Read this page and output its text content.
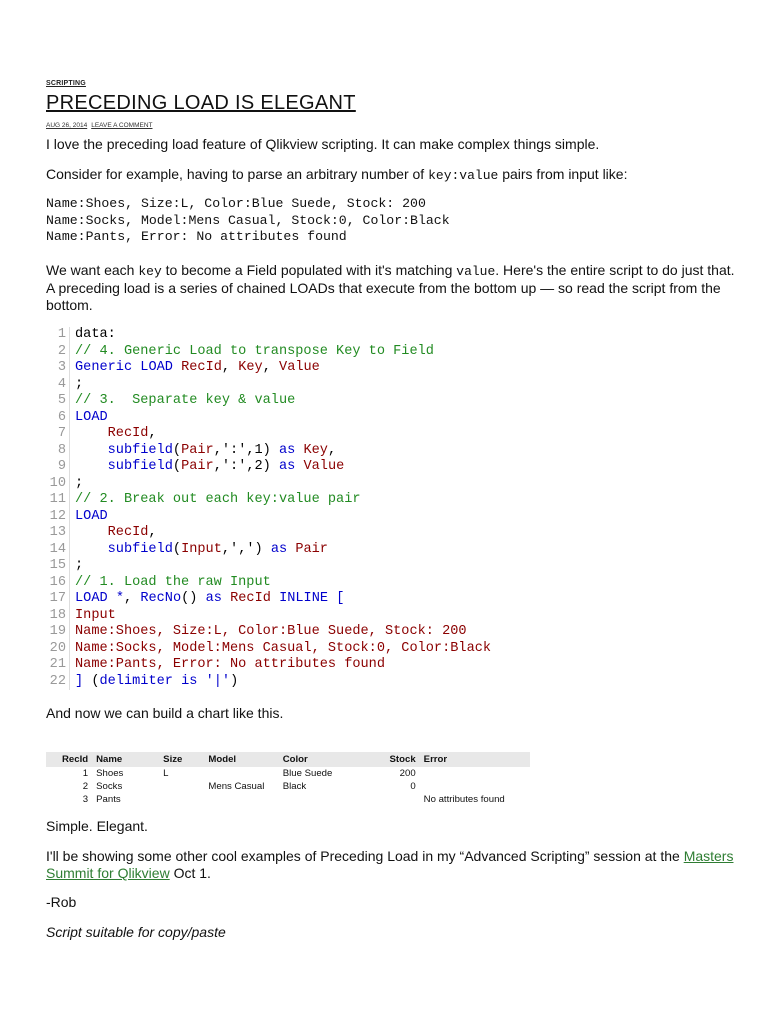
SCRIPTING
PRECEDING LOAD IS ELEGANT
AUG 26, 2014 LEAVE A COMMENT
I love the preceding load feature of Qlikview scripting. It can make complex things simple.
Consider for example, having to parse an arbitrary number of key:value pairs from input like:
Name:Shoes, Size:L, Color:Blue Suede, Stock: 200
Name:Socks, Model:Mens Casual, Stock:0, Color:Black
Name:Pants, Error: No attributes found
We want each key to become a Field populated with it's matching value. Here's the entire script to do just that. A preceding load is a series of chained LOADs that execute from the bottom up — so read the script from the bottom.
1 data:
2 // 4. Generic Load to transpose Key to Field
3 Generic LOAD RecId, Key, Value
4 ;
5 // 3.  Separate key & value
6 LOAD
7	RecId,
8	subfield(Pair,':',1) as Key,
9	subfield(Pair,':',2) as Value
10 ;
11 // 2. Break out each key:value pair
12 LOAD
13	RecId,
14	subfield(Input,',') as Pair
15 ;
16 // 1. Load the raw Input
17 LOAD *, RecNo() as RecId INLINE [
18 Input
19 Name:Shoes, Size:L, Color:Blue Suede, Stock: 200
20 Name:Socks, Model:Mens Casual, Stock:0, Color:Black
21 Name:Pants, Error: No attributes found
22 ] (delimiter is '|')
And now we can build a chart like this.
RecId	Name	Size	Model	Color	Stock	Error
1	Shoes	L		Blue Suede	200	
2	Socks		Mens Casual	Black	0	
3	Pants					No attributes found
Simple. Elegant.
I'll be showing some other cool examples of Preceding Load in my “Advanced Scripting” session at the Masters Summit for Qlikview Oct 1.
-Rob
Script suitable for copy/paste
